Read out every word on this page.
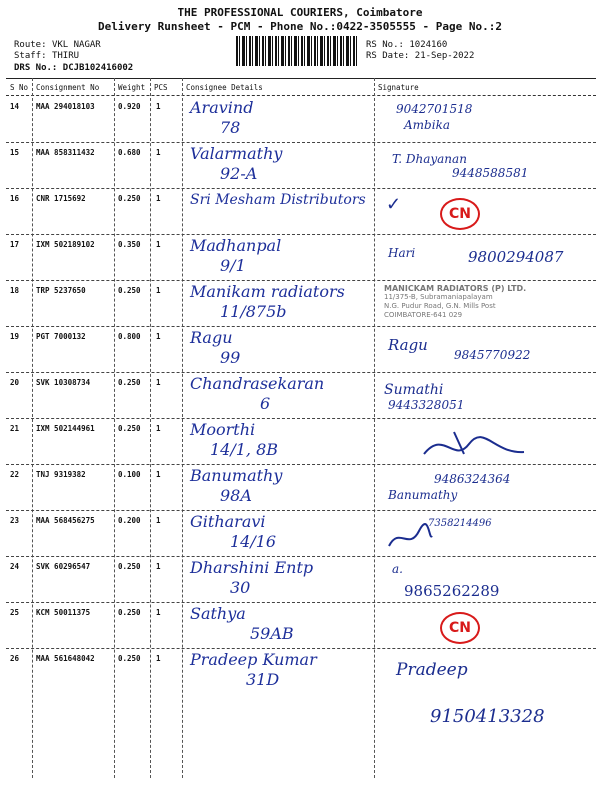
THE PROFESSIONAL COURIERS, Coimbatore
Delivery Runsheet - PCM - Phone No.:0422-3505555 - Page No.:2
Route: VKL NAGAR
Staff: THIRU
DRS No.: DCJB102416002
RS No.: 1024160
RS Date: 21-Sep-2022
S No Consignment No	Weight PCS Consignee Details	Signature
14 MAA 294018103	0.920 1 Aravind
78
9042701518
Ambika
15 MAA 858311432	0.680 1 Valarmathy
92-A
T. Dhayanan
9448588581
16 CNR 1715692	0.250 1 Sri Mesham Distributors	✓	CN
17 IXM 502189102	0.350 1 Madhanpal
9/1
Hari	9800294087
18 TRP 5237650	0.250 1 Manikam radiators
11/875b
MANICKAM RADIATORS (P) LTD.
11/375-B, Subramaniapalayam
N.G. Pudur Road, G.N. Mills Post
COIMBATORE-641 029
19 PGT 7000132	0.800 1 Ragu
99
Ragu
9845770922
20 SVK 10308734	0.250 1 Chandrasekaran
6
Sumathi
9443328051
21 IXM 502144961	0.250 1 Moorthi
14/1, 8B
22 TNJ 9319382	0.100 1 Banumathy
98A	Banumathy
9486324364
23 MAA 568456275	0.200 1 Githaravi
14/16
7358214496
24 SVK 60296547	0.250 1 Dharshini Entp
30
a.
9865262289
25 KCM 50011375	0.250 1 Sathya
59AB	CN
26 MAA 561648042	0.250 1 Pradeep Kumar
31D	Pradeep
9150413328
